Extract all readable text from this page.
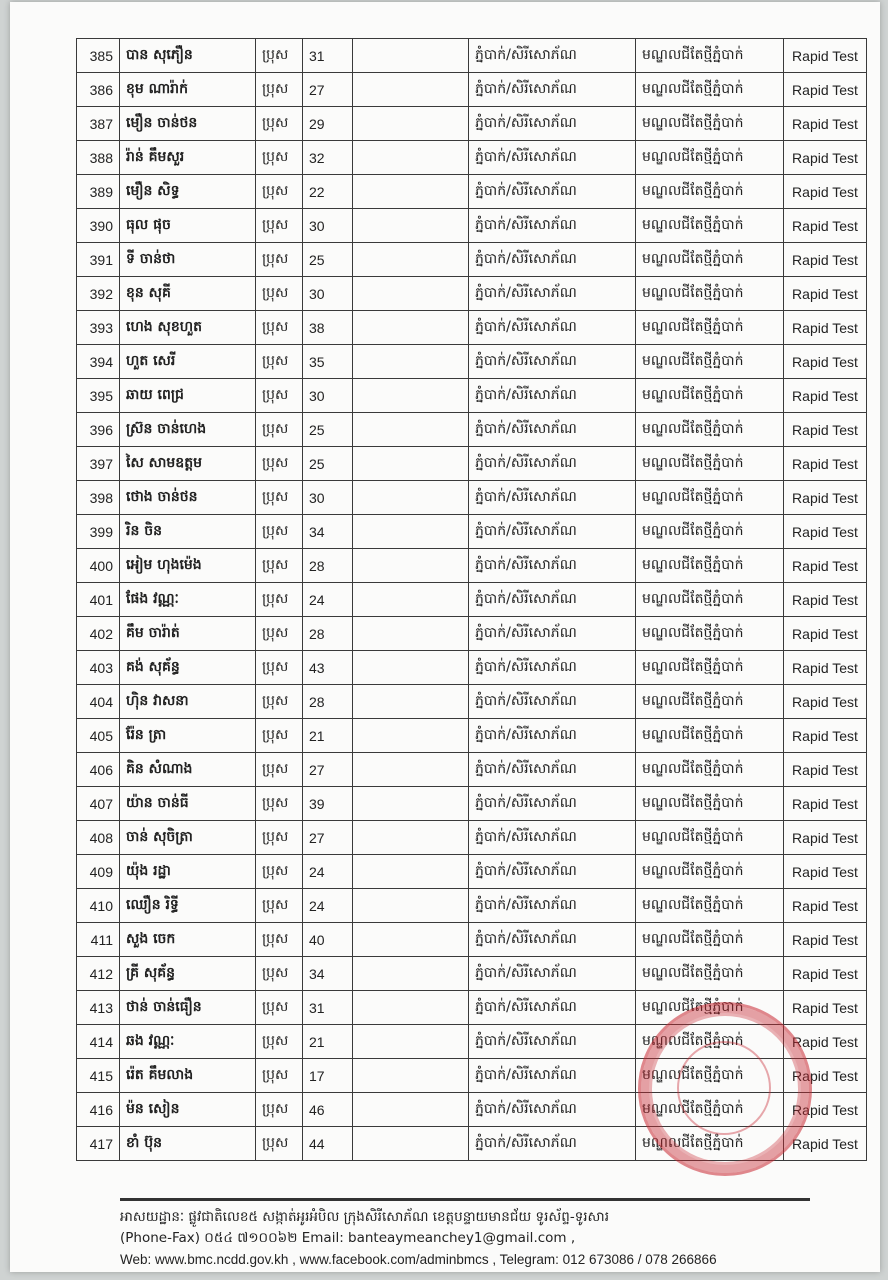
385	បាន សុភឿន	ប្រុស	31		ភ្នំបាក់/សិរីសោភ័ណ	មណ្ឌលជីតែថ្មីភ្នំបាក់	Rapid Test
386	ខុម ណារ៉ាក់	ប្រុស	27		ភ្នំបាក់/សិរីសោភ័ណ	មណ្ឌលជីតែថ្មីភ្នំបាក់	Rapid Test
387	មឿន ចាន់ថន	ប្រុស	29		ភ្នំបាក់/សិរីសោភ័ណ	មណ្ឌលជីតែថ្មីភ្នំបាក់	Rapid Test
388	រ៉ាន់ គឹមសួរ	ប្រុស	32		ភ្នំបាក់/សិរីសោភ័ណ	មណ្ឌលជីតែថ្មីភ្នំបាក់	Rapid Test
389	មឿន សិទ្ធ	ប្រុស	22		ភ្នំបាក់/សិរីសោភ័ណ	មណ្ឌលជីតែថ្មីភ្នំបាក់	Rapid Test
390	ធុល ផុច	ប្រុស	30		ភ្នំបាក់/សិរីសោភ័ណ	មណ្ឌលជីតែថ្មីភ្នំបាក់	Rapid Test
391	ទី ចាន់ថា	ប្រុស	25		ភ្នំបាក់/សិរីសោភ័ណ	មណ្ឌលជីតែថ្មីភ្នំបាក់	Rapid Test
392	ខុន សុគី	ប្រុស	30		ភ្នំបាក់/សិរីសោភ័ណ	មណ្ឌលជីតែថ្មីភ្នំបាក់	Rapid Test
393	ហេង សុខហួត	ប្រុស	38		ភ្នំបាក់/សិរីសោភ័ណ	មណ្ឌលជីតែថ្មីភ្នំបាក់	Rapid Test
394	ហួត សេរី	ប្រុស	35		ភ្នំបាក់/សិរីសោភ័ណ	មណ្ឌលជីតែថ្មីភ្នំបាក់	Rapid Test
395	ឆាយ ពេជ្រ	ប្រុស	30		ភ្នំបាក់/សិរីសោភ័ណ	មណ្ឌលជីតែថ្មីភ្នំបាក់	Rapid Test
396	ស្រ៊ន ចាន់ហេង	ប្រុស	25		ភ្នំបាក់/សិរីសោភ័ណ	មណ្ឌលជីតែថ្មីភ្នំបាក់	Rapid Test
397	សៃ សាមឧត្តម	ប្រុស	25		ភ្នំបាក់/សិរីសោភ័ណ	មណ្ឌលជីតែថ្មីភ្នំបាក់	Rapid Test
398	ថោង ចាន់ថន	ប្រុស	30		ភ្នំបាក់/សិរីសោភ័ណ	មណ្ឌលជីតែថ្មីភ្នំបាក់	Rapid Test
399	រិន ចិន	ប្រុស	34		ភ្នំបាក់/សិរីសោភ័ណ	មណ្ឌលជីតែថ្មីភ្នំបាក់	Rapid Test
400	អៀម ហុងម៉េង	ប្រុស	28		ភ្នំបាក់/សិរីសោភ័ណ	មណ្ឌលជីតែថ្មីភ្នំបាក់	Rapid Test
401	ផែង វណ្ណៈ	ប្រុស	24		ភ្នំបាក់/សិរីសោភ័ណ	មណ្ឌលជីតែថ្មីភ្នំបាក់	Rapid Test
402	គឹម ចារ៉ាត់	ប្រុស	28		ភ្នំបាក់/សិរីសោភ័ណ	មណ្ឌលជីតែថ្មីភ្នំបាក់	Rapid Test
403	គង់ សុគ័ន្ធ	ប្រុស	43		ភ្នំបាក់/សិរីសោភ័ណ	មណ្ឌលជីតែថ្មីភ្នំបាក់	Rapid Test
404	ហ៊ិន វាសនា	ប្រុស	28		ភ្នំបាក់/សិរីសោភ័ណ	មណ្ឌលជីតែថ្មីភ្នំបាក់	Rapid Test
405	រ៉ែន ត្រា	ប្រុស	21		ភ្នំបាក់/សិរីសោភ័ណ	មណ្ឌលជីតែថ្មីភ្នំបាក់	Rapid Test
406	គិន សំណាង	ប្រុស	27		ភ្នំបាក់/សិរីសោភ័ណ	មណ្ឌលជីតែថ្មីភ្នំបាក់	Rapid Test
407	យ៉ាន ចាន់ធី	ប្រុស	39		ភ្នំបាក់/សិរីសោភ័ណ	មណ្ឌលជីតែថ្មីភ្នំបាក់	Rapid Test
408	ចាន់ សុចិត្រា	ប្រុស	27		ភ្នំបាក់/សិរីសោភ័ណ	មណ្ឌលជីតែថ្មីភ្នំបាក់	Rapid Test
409	យ៉ុង រដ្ឋា	ប្រុស	24		ភ្នំបាក់/សិរីសោភ័ណ	មណ្ឌលជីតែថ្មីភ្នំបាក់	Rapid Test
410	ឈឿន រិទ្ធី	ប្រុស	24		ភ្នំបាក់/សិរីសោភ័ណ	មណ្ឌលជីតែថ្មីភ្នំបាក់	Rapid Test
411	សួង ចេក	ប្រុស	40		ភ្នំបាក់/សិរីសោភ័ណ	មណ្ឌលជីតែថ្មីភ្នំបាក់	Rapid Test
412	គ្រី សុគ័ន្ធ	ប្រុស	34		ភ្នំបាក់/សិរីសោភ័ណ	មណ្ឌលជីតែថ្មីភ្នំបាក់	Rapid Test
413	ថាន់ ចាន់ធឿន	ប្រុស	31		ភ្នំបាក់/សិរីសោភ័ណ	មណ្ឌលជីតែថ្មីភ្នំបាក់	Rapid Test
414	ឆង វណ្ណៈ	ប្រុស	21		ភ្នំបាក់/សិរីសោភ័ណ	មណ្ឌលជីតែថ្មីភ្នំបាក់	Rapid Test
415	រ៉េត គឹមលាង	ប្រុស	17		ភ្នំបាក់/សិរីសោភ័ណ	មណ្ឌលជីតែថ្មីភ្នំបាក់	Rapid Test
416	ម៉ន សៀន	ប្រុស	46		ភ្នំបាក់/សិរីសោភ័ណ	មណ្ឌលជីតែថ្មីភ្នំបាក់	Rapid Test
417	ខាំ ប៊ុន	ប្រុស	44		ភ្នំបាក់/សិរីសោភ័ណ	មណ្ឌលជីតែថ្មីភ្នំបាក់	Rapid Test
អាសយដ្ឋានៈ ផ្លូវជាតិលេខ៥ សង្កាត់អូរអំបិល ក្រុងសិរីសោភ័ណ ខេត្តបន្ទាយមានជ័យ ទូរស័ព្ទ-ទូរសារ
(Phone-Fax) ០៥៤ ៧១០០៦២ Email: banteaymeanchey1@gmail.com ,
Web: www.bmc.ncdd.gov.kh , www.facebook.com/adminbmcs , Telegram: 012 673086 / 078 266866
